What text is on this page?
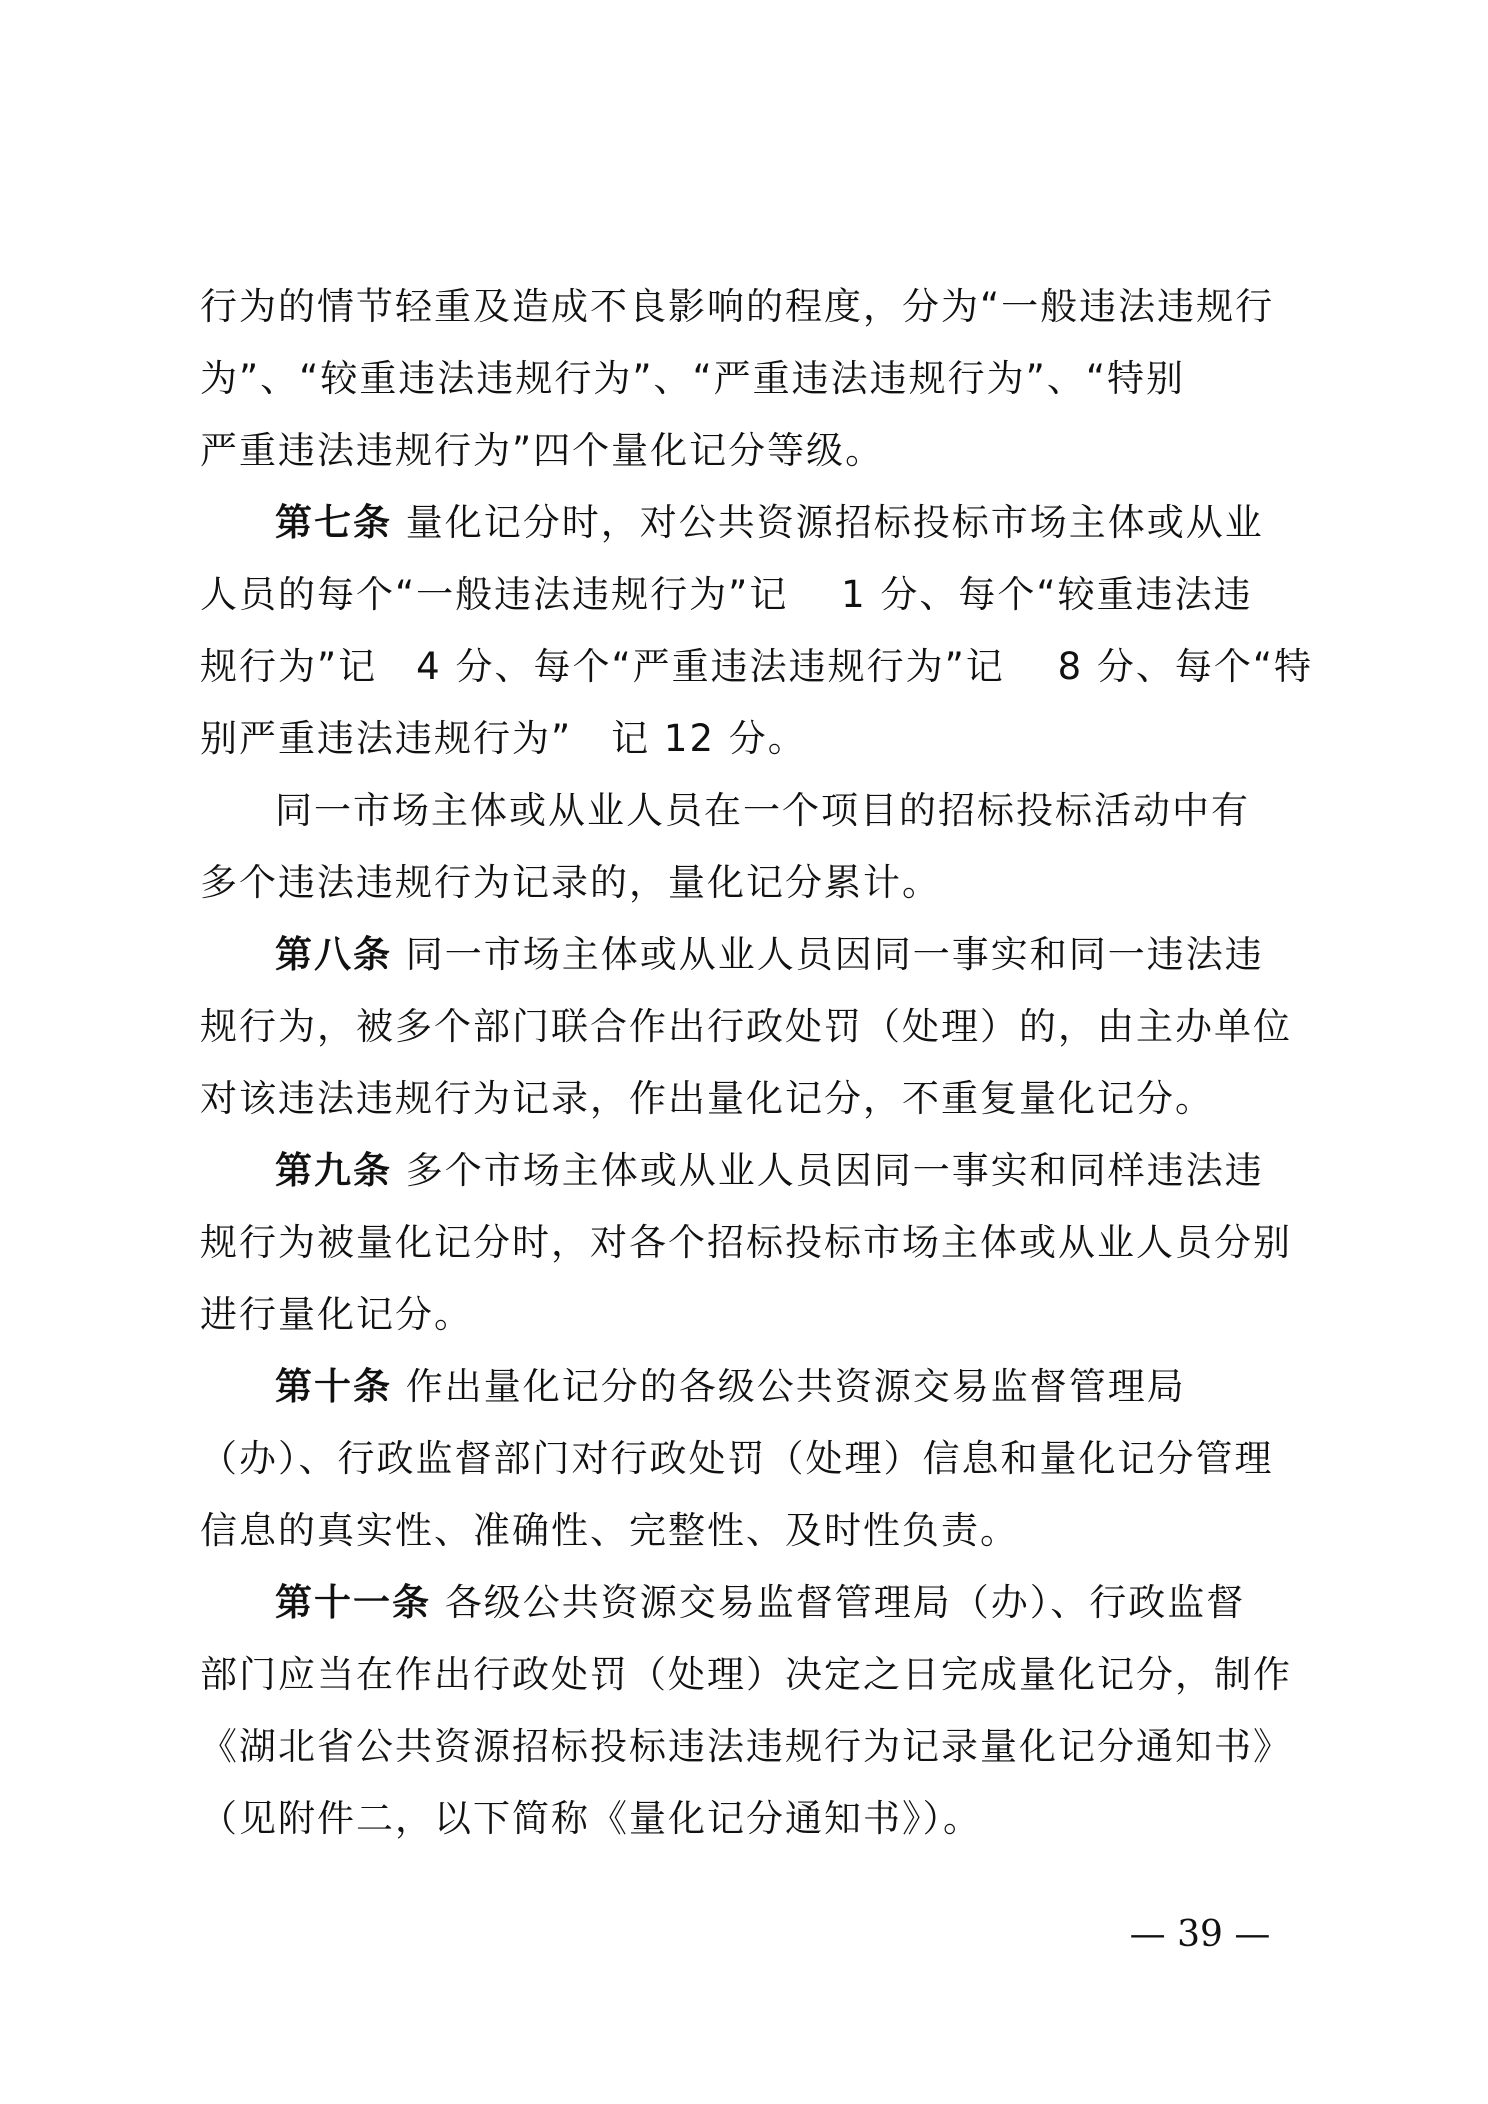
行为的情节轻重及造成不良影响的程度，分为“一般违法违规行
为”、“较重违法违规行为”、“严重违法违规行为”、“特别
严重违法违规行为”四个量化记分等级。
第七条 量化记分时，对公共资源招标投标市场主体或从业
人员的每个“一般违法违规行为”记　 1 分、每个“较重违法违
规行为”记　4 分、每个“严重违法违规行为”记　 8 分、每个“特
别严重违法违规行为”　记 12 分。
同一市场主体或从业人员在一个项目的招标投标活动中有
多个违法违规行为记录的，量化记分累计。
第八条 同一市场主体或从业人员因同一事实和同一违法违
规行为，被多个部门联合作出行政处罚（处理）的，由主办单位
对该违法违规行为记录，作出量化记分，不重复量化记分。
第九条 多个市场主体或从业人员因同一事实和同样违法违
规行为被量化记分时，对各个招标投标市场主体或从业人员分别
进行量化记分。
第十条 作出量化记分的各级公共资源交易监督管理局
（办）、行政监督部门对行政处罚（处理）信息和量化记分管理
信息的真实性、准确性、完整性、及时性负责。
第十一条 各级公共资源交易监督管理局（办）、行政监督
部门应当在作出行政处罚（处理）决定之日完成量化记分，制作
《湖北省公共资源招标投标违法违规行为记录量化记分通知书》
（见附件二，以下简称《量化记分通知书》）。
— 39 —
